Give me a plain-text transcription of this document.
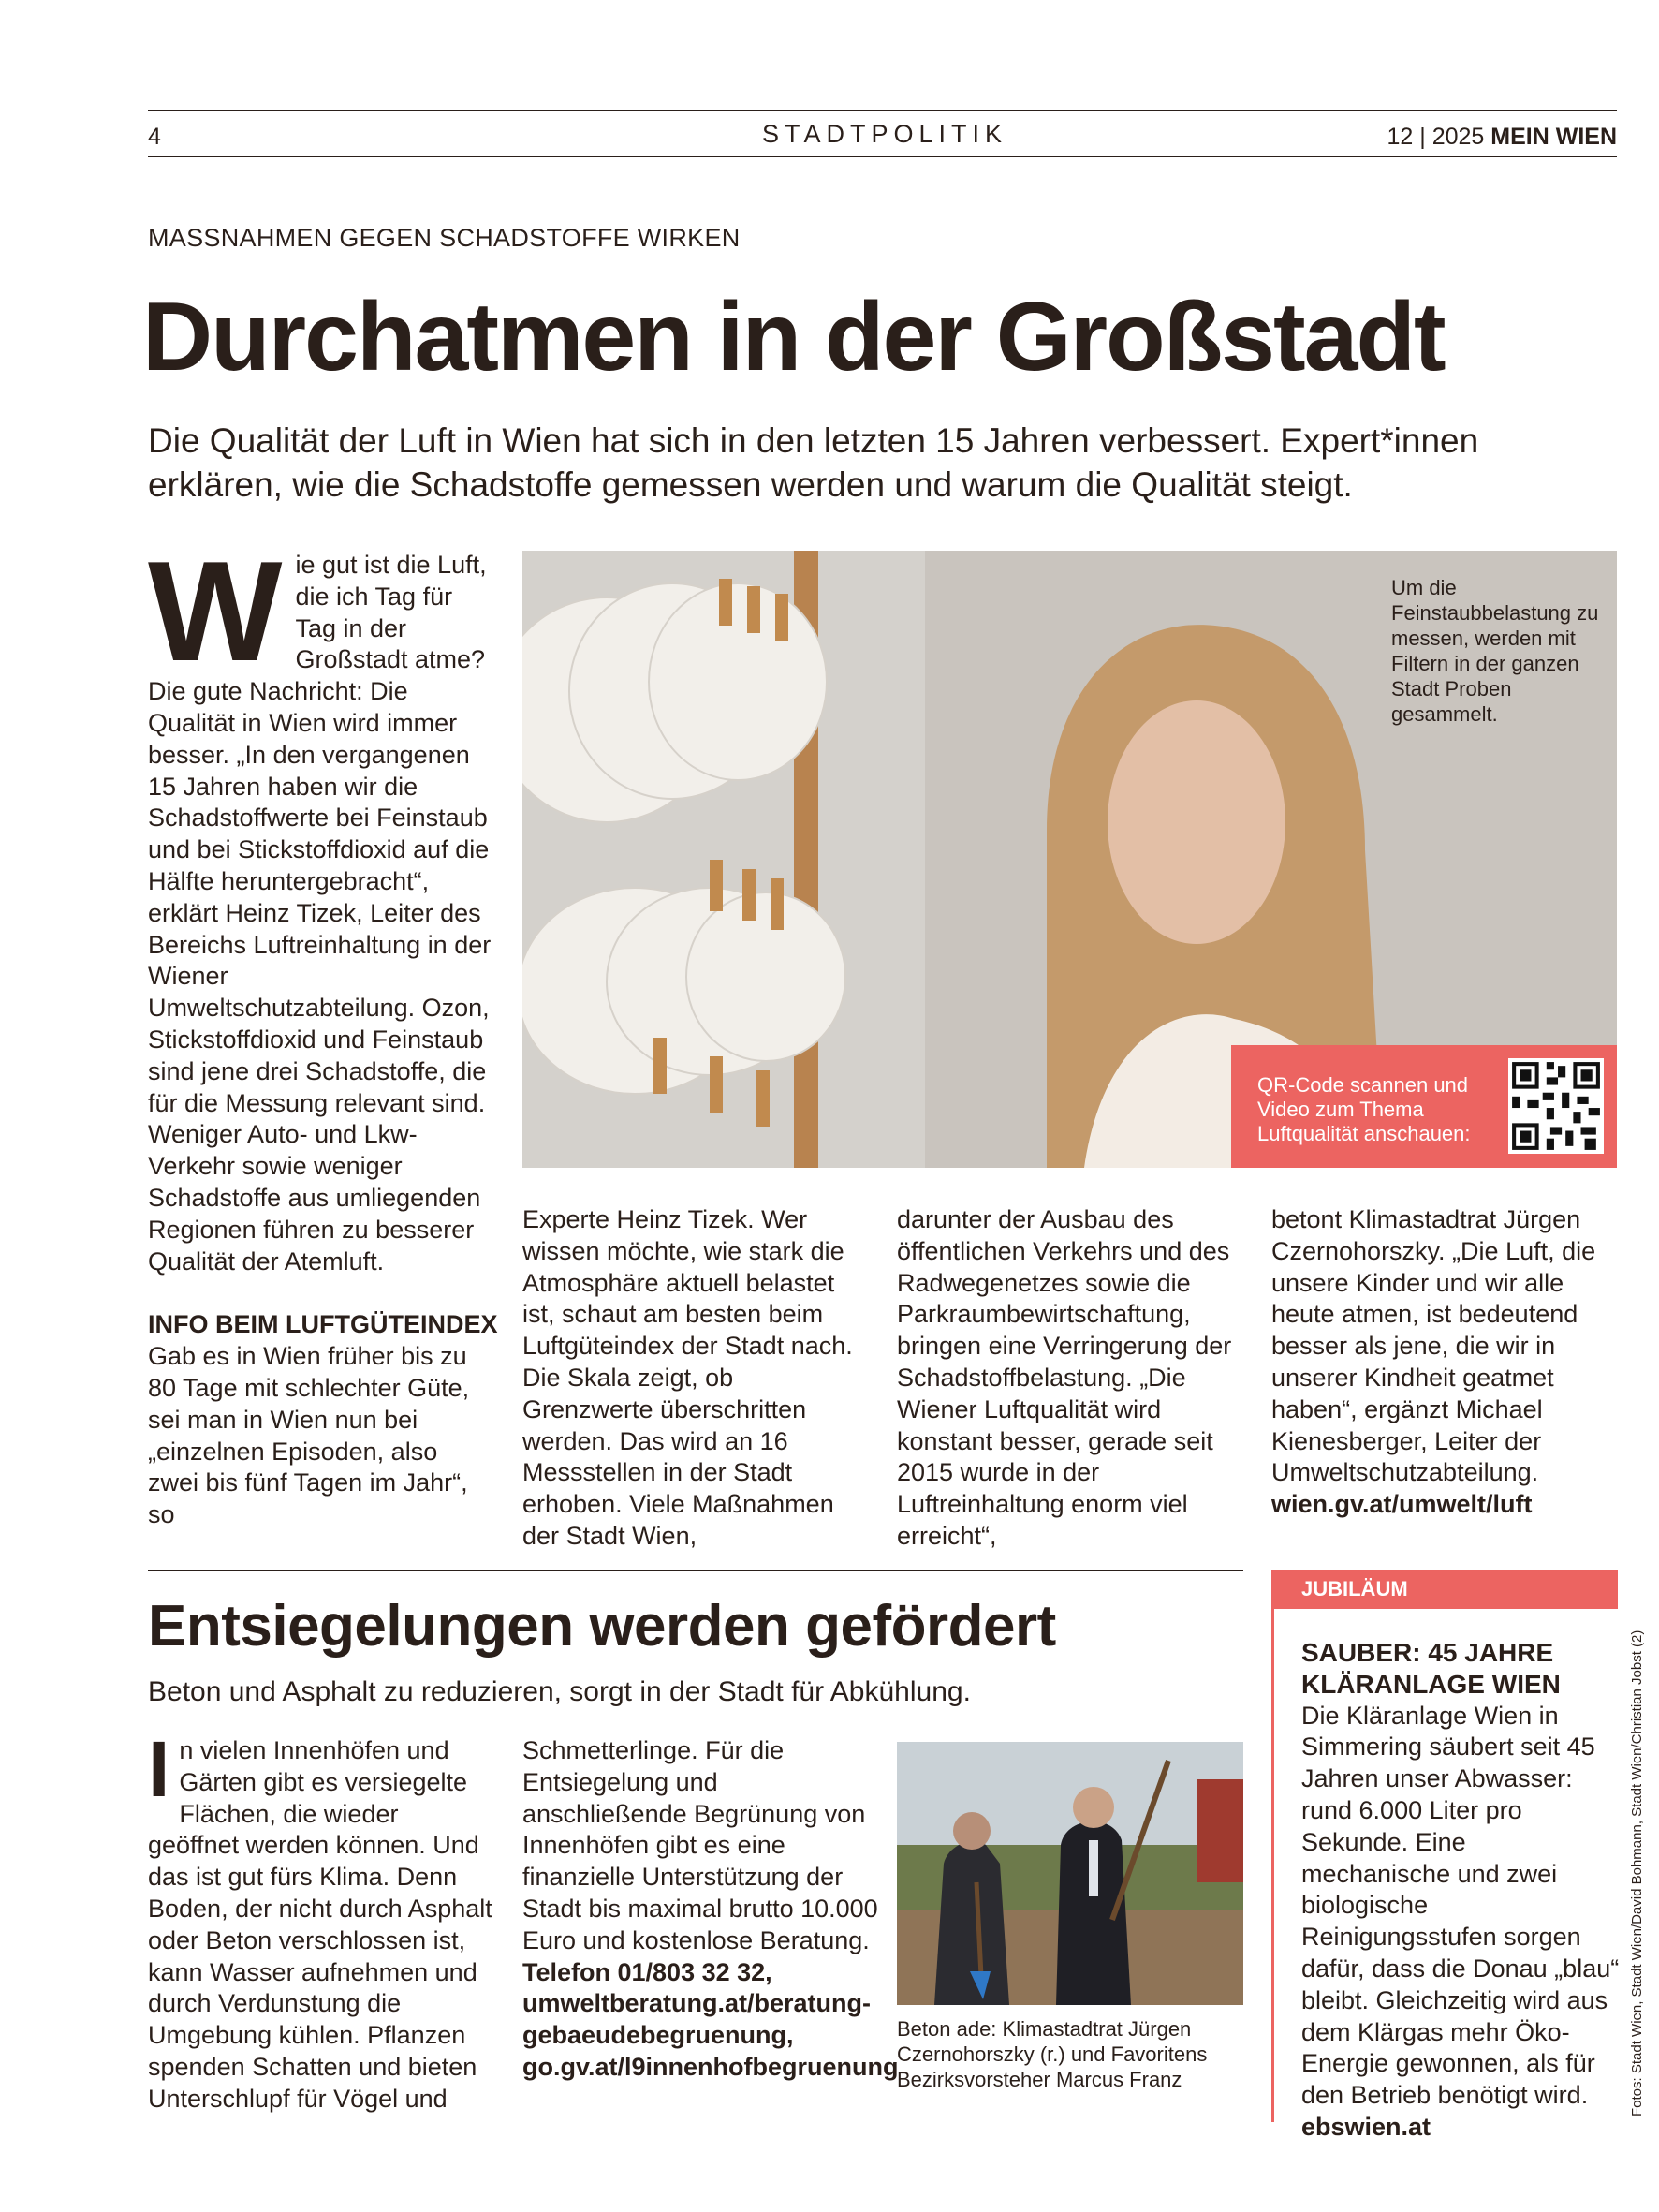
4	STADTPOLITIK	12 | 2025 MEIN WIEN
MASSNAHMEN GEGEN SCHADSTOFFE WIRKEN
Durchatmen in der Großstadt
Die Qualität der Luft in Wien hat sich in den letzten 15 Jahren verbessert. Expert*innen
erklären, wie die Schadstoffe gemessen werden und warum die Qualität steigt.
W ie gut ist die Luft, die ich Tag für Tag in der Großstadt atme? Die gute Nachricht: Die Qualität in Wien wird immer besser. „In den vergangenen 15 Jahren haben wir die Schadstoffwerte bei Feinstaub und bei Stickstoffdioxid auf die Hälfte heruntergebracht“, erklärt Heinz Tizek, Leiter des Bereichs Luftreinhaltung in der Wiener Umweltschutzabteilung. Ozon, Stickstoffdioxid und Feinstaub sind jene drei Schadstoffe, die für die Messung relevant sind. Weniger Auto- und Lkw-Verkehr sowie weniger Schadstoffe aus umliegenden Regionen führen zu besserer Qualität der Atemluft.
INFO BEIM LUFTGÜTEINDEX
Gab es in Wien früher bis zu 80 Tage mit schlechter Güte, sei man in Wien nun bei „einzelnen Episoden, also zwei bis fünf Tagen im Jahr“, so
Um die Feinstaubbelastung zu messen, werden mit Filtern in der ganzen Stadt Proben gesammelt.
QR-Code scannen und Video zum Thema Luftqualität anschauen:
Experte Heinz Tizek. Wer wissen möchte, wie stark die Atmosphäre aktuell belastet ist, schaut am besten beim Luftgüteindex der Stadt nach. Die Skala zeigt, ob Grenzwerte überschritten werden. Das wird an 16 Messstellen in der Stadt erhoben. Viele Maßnahmen der Stadt Wien,
darunter der Ausbau des öffentlichen Verkehrs und des Radwegenetzes sowie die Parkraumbewirtschaftung, bringen eine Verringerung der Schadstoffbelastung. „Die Wiener Luftqualität wird konstant besser, gerade seit 2015 wurde in der Luftreinhaltung enorm viel erreicht“,
betont Klimastadtrat Jürgen Czernohorszky. „Die Luft, die unsere Kinder und wir alle heute atmen, ist bedeutend besser als jene, die wir in unserer Kindheit geatmet haben“, ergänzt Michael Kienesberger, Leiter der Umweltschutzabteilung.
wien.gv.at/umwelt/luft
Entsiegelungen werden gefördert
Beton und Asphalt zu reduzieren, sorgt in der Stadt für Abkühlung.
I n vielen Innenhöfen und Gärten gibt es versiegelte Flächen, die wieder geöffnet werden können. Und das ist gut fürs Klima. Denn Boden, der nicht durch Asphalt oder Beton verschlossen ist, kann Wasser aufnehmen und durch Verdunstung die Umgebung kühlen. Pflanzen spenden Schatten und bieten Unterschlupf für Vögel und
Schmetterlinge. Für die Entsiegelung und anschließende Begrünung von Innenhöfen gibt es eine finanzielle Unterstützung der Stadt bis maximal brutto 10.000 Euro und kostenlose Beratung.
Telefon 01/803 32 32,
umweltberatung.at/beratung-gebaeudebegruenung,
go.gv.at/l9innenhofbegruenung
Beton ade: Klimastadtrat Jürgen Czernohorszky (r.) und Favoritens Bezirksvorsteher Marcus Franz
JUBILÄUM
SAUBER: 45 JAHRE KLÄRANLAGE WIEN
Die Kläranlage Wien in Simmering säubert seit 45 Jahren unser Abwasser: rund 6.000 Liter pro Sekunde. Eine mechanische und zwei biologische Reinigungsstufen sorgen dafür, dass die Donau „blau“ bleibt. Gleichzeitig wird aus dem Klärgas mehr Öko-Energie gewonnen, als für den Betrieb benötigt wird.
ebswien.at
Fotos: Stadt Wien, Stadt Wien/David Bohmann, Stadt Wien/Christian Jobst (2)
